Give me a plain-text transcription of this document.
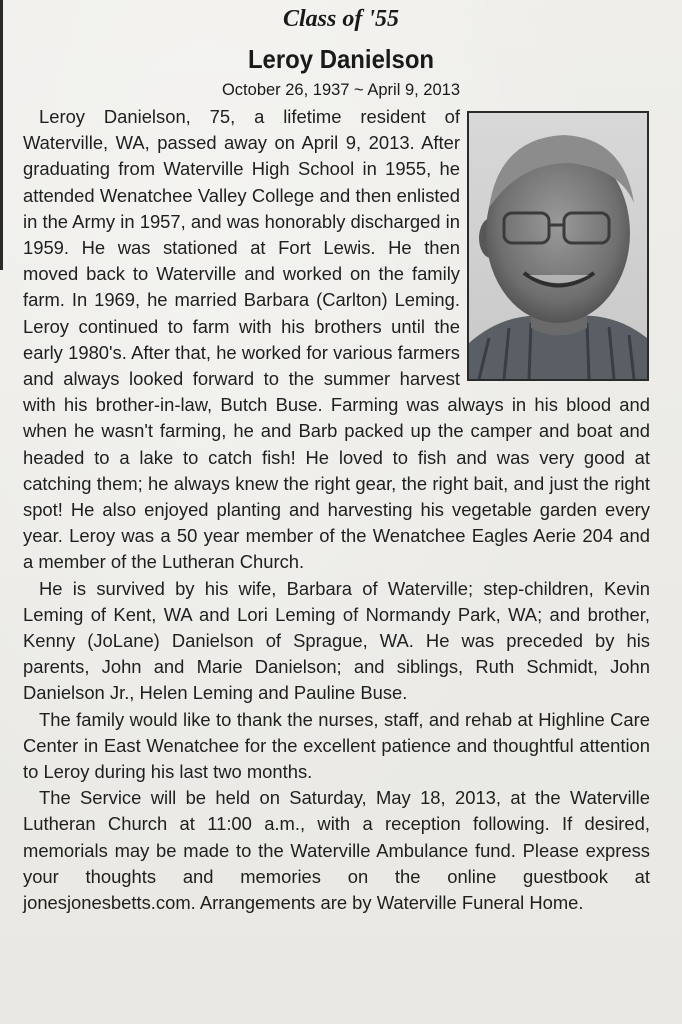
Class of '55
Leroy Danielson
October 26, 1937 ~ April 9, 2013

Leroy Danielson, 75, a lifetime resident of Waterville, WA, passed away on April 9, 2013. After graduating from Waterville High School in 1955, he attended Wenatchee Valley College and then enlisted in the Army in 1957, and was honorably discharged in 1959. He was stationed at Fort Lewis. He then moved back to Waterville and worked on the family farm. In 1969, he married Barbara (Carlton) Leming. Leroy continued to farm with his brothers until the early 1980's. After that, he worked for various farmers and always looked forward to the summer harvest with his brother-in-law, Butch Buse. Farming was always in his blood and when he wasn't farming, he and Barb packed up the camper and boat and headed to a lake to catch fish! He loved to fish and was very good at catching them; he always knew the right gear, the right bait, and just the right spot! He also enjoyed planting and harvesting his vegetable garden every year. Leroy was a 50 year member of the Wenatchee Eagles Aerie 204 and a member of the Lutheran Church.

He is survived by his wife, Barbara of Waterville; step-children, Kevin Leming of Kent, WA and Lori Leming of Normandy Park, WA; and brother, Kenny (JoLane) Danielson of Sprague, WA. He was preceded by his parents, John and Marie Danielson; and siblings, Ruth Schmidt, John Danielson Jr., Helen Leming and Pauline Buse.

The family would like to thank the nurses, staff, and rehab at Highline Care Center in East Wenatchee for the excellent patience and thoughtful attention to Leroy during his last two months.

The Service will be held on Saturday, May 18, 2013, at the Waterville Lutheran Church at 11:00 a.m., with a reception following. If desired, memorials may be made to the Waterville Ambulance fund. Please express your thoughts and memories on the online guestbook at jonesjonesbetts.com. Arrangements are by Waterville Funeral Home.
